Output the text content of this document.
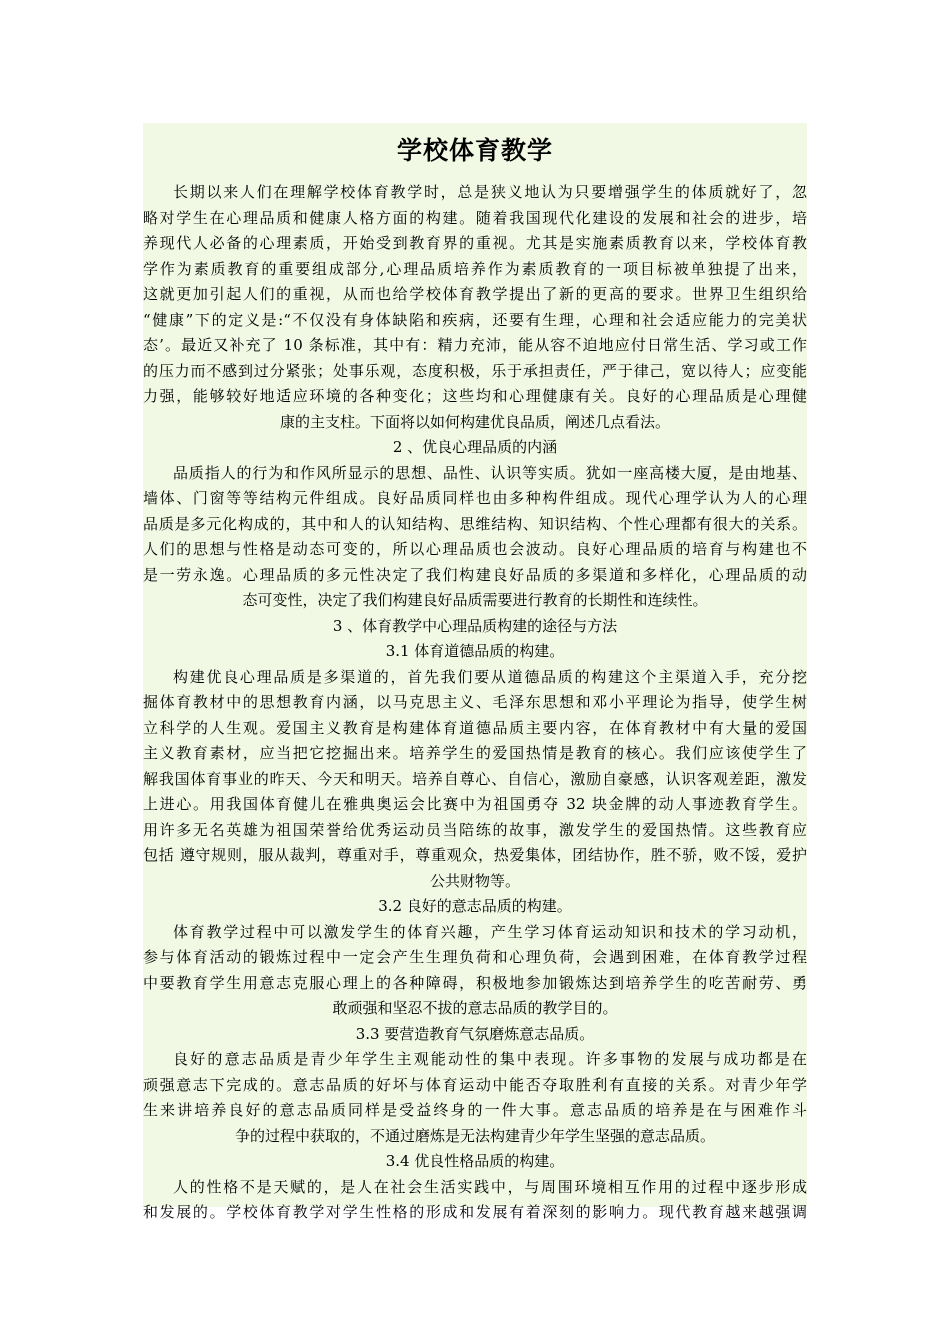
学校体育教学
长期以来人们在理解学校体育教学时，总是狭义地认为只要增强学生的体质就好了，忽
略对学生在心理品质和健康人格方面的构建。随着我国现代化建设的发展和社会的进步，培
养现代人必备的心理素质，开始受到教育界的重视。尤其是实施素质教育以来，学校体育教
学作为素质教育的重要组成部分,心理品质培养作为素质教育的一项目标被单独提了出来，
这就更加引起人们的重视，从而也给学校体育教学提出了新的更高的要求。世界卫生组织给
“健康”下的定义是:“不仅没有身体缺陷和疾病，还要有生理，心理和社会适应能力的完美状
态’。最近又补充了 10 条标准，其中有：精力充沛，能从容不迫地应付日常生活、学习或工作
的压力而不感到过分紧张；处事乐观，态度积极，乐于承担责任，严于律己，宽以待人；应变能
力强，能够较好地适应环境的各种变化；这些均和心理健康有关。良好的心理品质是心理健
康的主支柱。下面将以如何构建优良品质，阐述几点看法。
2 、优良心理品质的内涵
品质指人的行为和作风所显示的思想、品性、认识等实质。犹如一座高楼大厦，是由地基、
墙体、门窗等等结构元件组成。良好品质同样也由多种构件组成。现代心理学认为人的心理
品质是多元化构成的，其中和人的认知结构、思维结构、知识结构、个性心理都有很大的关系。
人们的思想与性格是动态可变的，所以心理品质也会波动。良好心理品质的培育与构建也不
是一劳永逸。心理品质的多元性决定了我们构建良好品质的多渠道和多样化，心理品质的动
态可变性，决定了我们构建良好品质需要进行教育的长期性和连续性。
3 、体育教学中心理品质构建的途径与方法
3.1 体育道德品质的构建。
构建优良心理品质是多渠道的，首先我们要从道德品质的构建这个主渠道入手，充分挖
掘体育教材中的思想教育内涵，以马克思主义、毛泽东思想和邓小平理论为指导，使学生树
立科学的人生观。爱国主义教育是构建体育道德品质主要内容，在体育教材中有大量的爱国
主义教育素材，应当把它挖掘出来。培养学生的爱国热情是教育的核心。我们应该使学生了
解我国体育事业的昨天、今天和明天。培养自尊心、自信心，激励自豪感，认识客观差距，激发
上进心。用我国体育健儿在雅典奥运会比赛中为祖国勇夺 32 块金牌的动人事迹教育学生。
用许多无名英雄为祖国荣誉给优秀运动员当陪练的故事，激发学生的爱国热情。这些教育应
包括 遵守规则，服从裁判，尊重对手，尊重观众，热爱集体，团结协作，胜不骄，败不馁，爱护
公共财物等。
3.2 良好的意志品质的构建。
体育教学过程中可以激发学生的体育兴趣，产生学习体育运动知识和技术的学习动机，
参与体育活动的锻炼过程中一定会产生生理负荷和心理负荷，会遇到困难，在体育教学过程
中要教育学生用意志克服心理上的各种障碍，积极地参加锻炼达到培养学生的吃苦耐劳、勇
敢顽强和坚忍不拔的意志品质的教学目的。
3.3 要营造教育气氛磨炼意志品质。
良好的意志品质是青少年学生主观能动性的集中表现。许多事物的发展与成功都是在
顽强意志下完成的。意志品质的好坏与体育运动中能否夺取胜利有直接的关系。对青少年学
生来讲培养良好的意志品质同样是受益终身的一件大事。意志品质的培养是在与困难作斗
争的过程中获取的，不通过磨炼是无法构建青少年学生坚强的意志品质。
3.4 优良性格品质的构建。
人的性格不是天赋的，是人在社会生活实践中，与周围环境相互作用的过程中逐步形成
和发展的。学校体育教学对学生性格的形成和发展有着深刻的影响力。现代教育越来越强调
